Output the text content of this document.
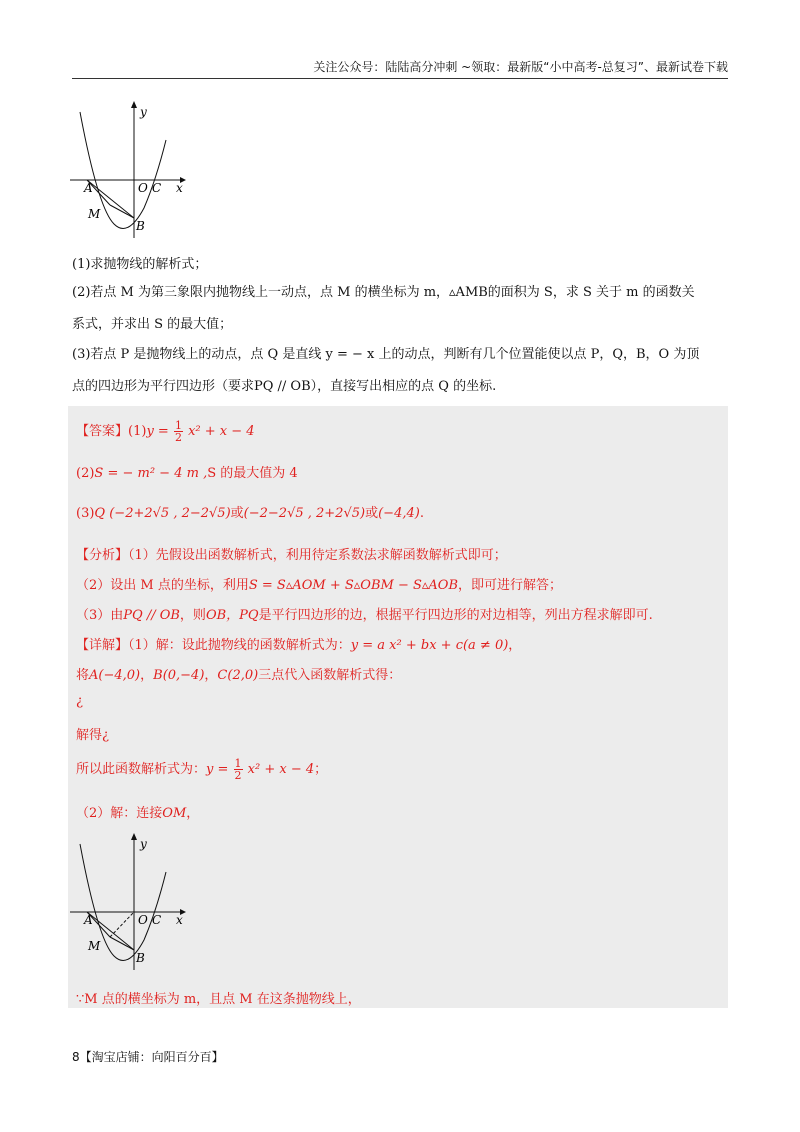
关注公众号：陆陆高分冲刺 ~领取：最新版“小中高考-总复习”、最新试卷下载
y
x
A	O C
M
B
(1)求抛物线的解析式；
(2)若点 M 为第三象限内抛物线上一动点，点 M 的横坐标为 m，▵AMB的面积为 S，求 S 关于 m 的函数关
系式，并求出 S 的最大值；
(3)若点 P 是抛物线上的动点，点 Q 是直线 y = − x 上的动点，判断有几个位置能使以点 P，Q，B，O 为顶
点的四边形为平行四边形（要求PQ // OB），直接写出相应的点 Q 的坐标.
【答案】$(1)y = \frac{1}{2} x^2 + x - 4$
(2)S = − m² − 4 m ,S 的最大值为 4
(3)Q (−2+2√5 , 2−2√5)或(−2−2√5 , 2+2√5)或(−4,4).
【分析】（1）先假设出函数解析式，利用待定系数法求解函数解析式即可；
（2）设出 M 点的坐标，利用S = S▵AOM + S▵OBM − S▵AOB，即可进行解答；
（3）由PQ // OB，则OB，PQ是平行四边形的边，根据平行四边形的对边相等，列出方程求解即可.
【详解】（1）解：设此抛物线的函数解析式为：y = a x² + bx + c(a ≠ 0)，
将A(−4,0)，B(0,−4)，C(2,0)三点代入函数解析式得：
¿
解得¿
所以此函数解析式为：$y = \frac{1}{2} x^2 + x - 4$；
（2）解：连接OM，
y
x
A	O C
M
B
∵M 点的横坐标为 m，且点 M 在这条抛物线上，
8【淘宝店铺：向阳百分百】
